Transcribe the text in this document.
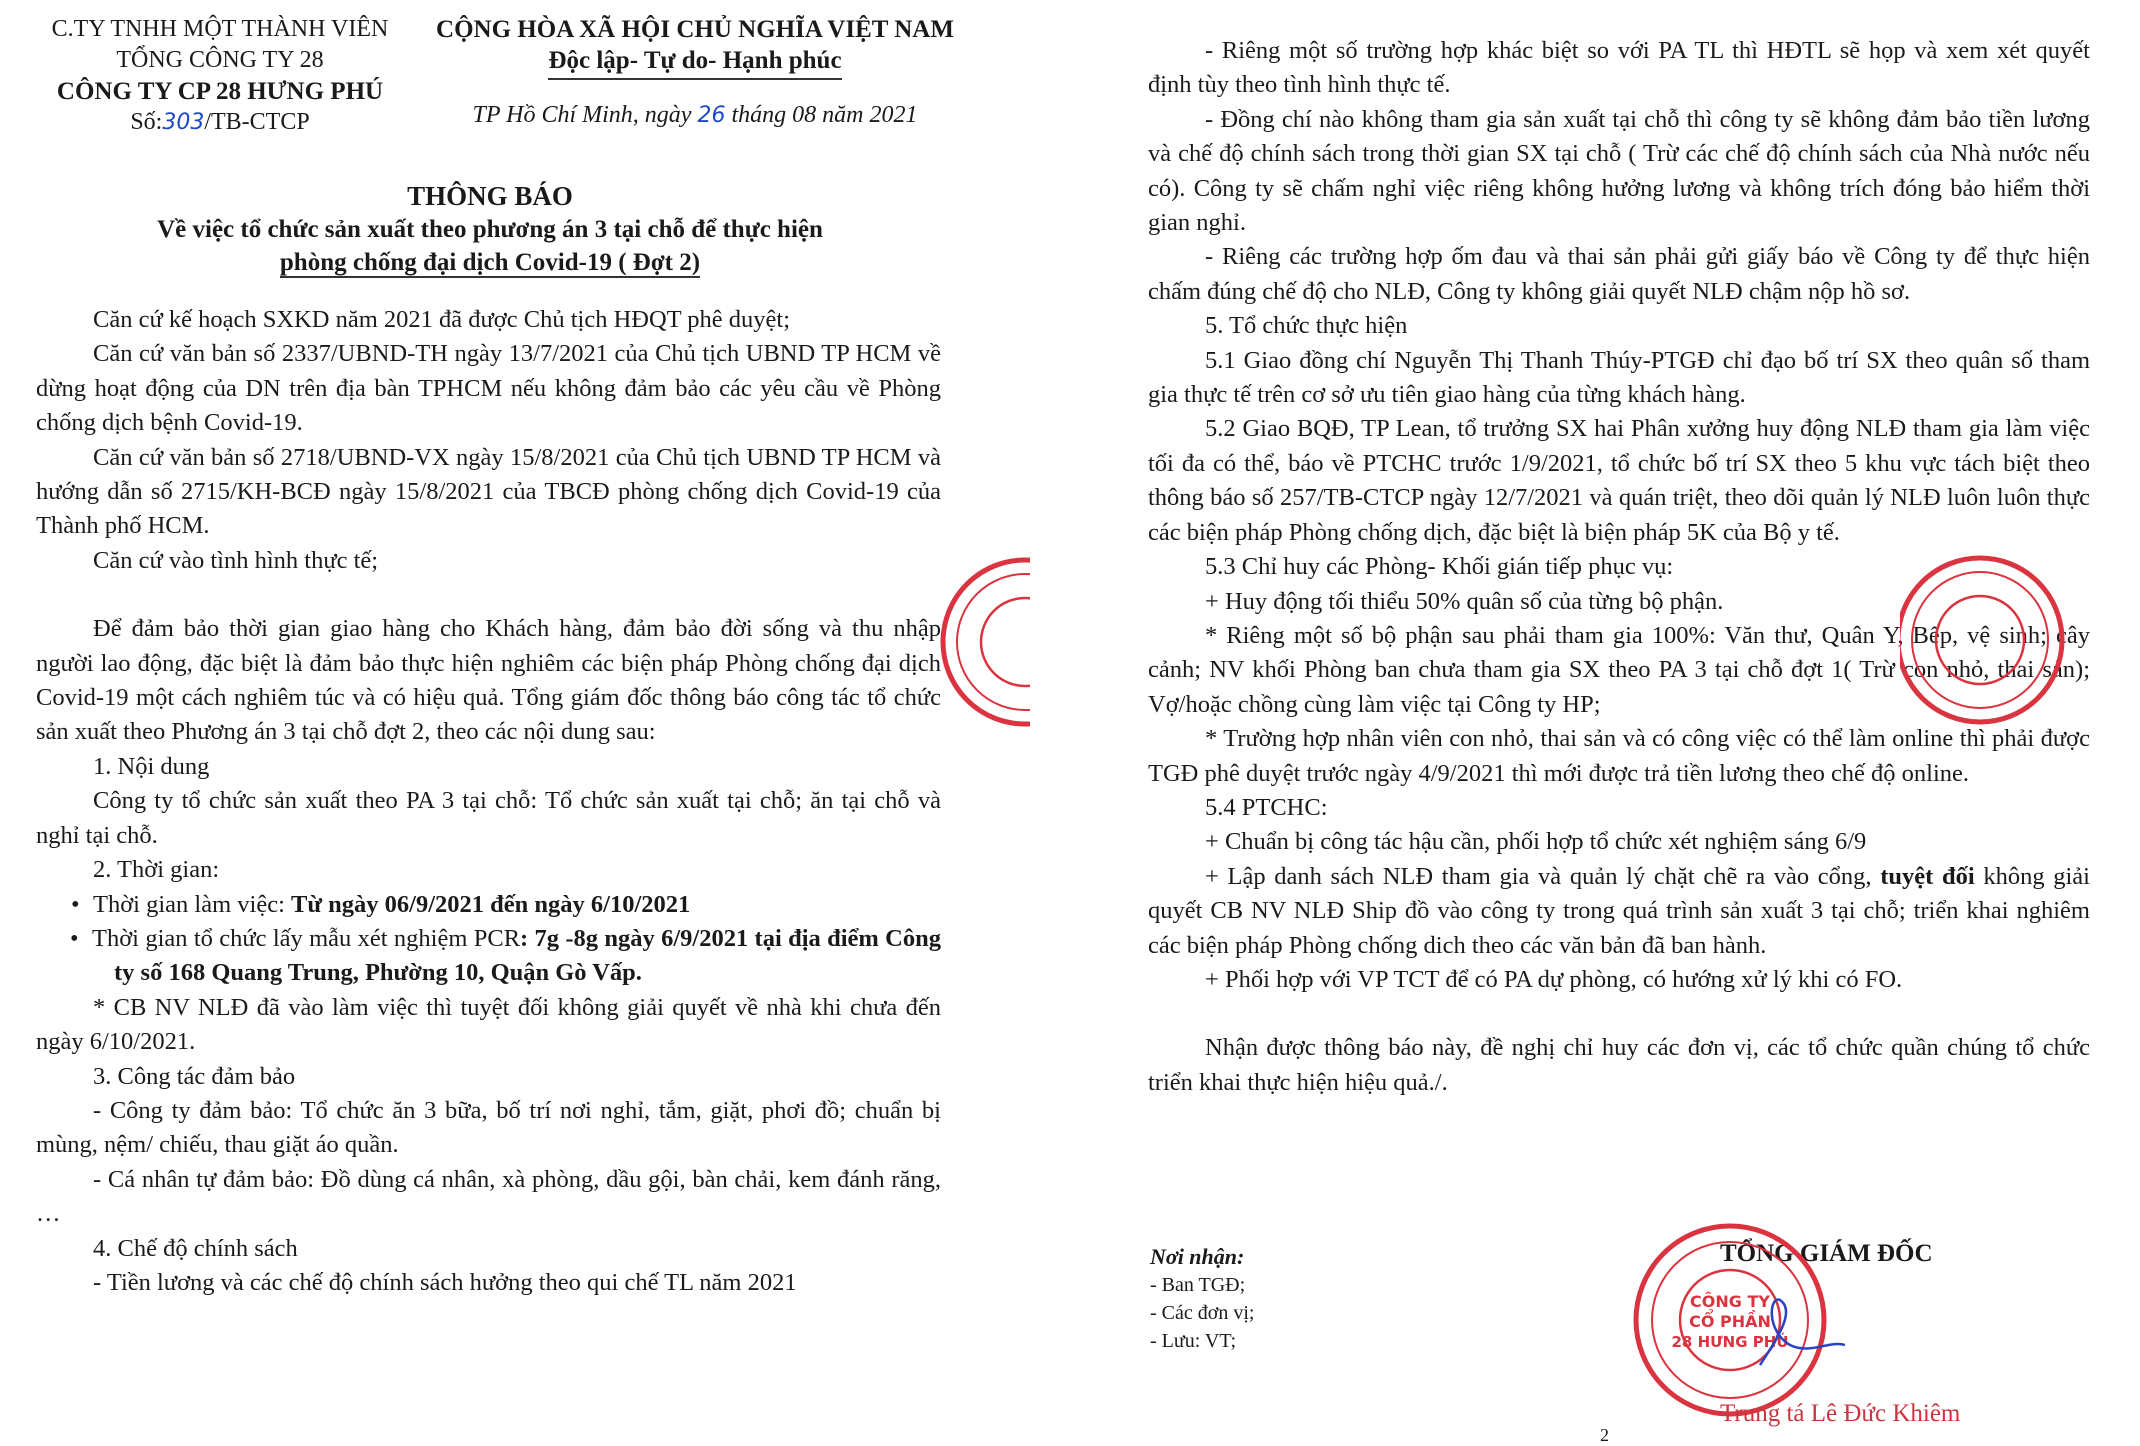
C.TY TNHH MỘT THÀNH VIÊN
TỔNG CÔNG TY 28
CÔNG TY CP 28 HƯNG PHÚ
Số:303/TB-CTCP
CỘNG HÒA XÃ HỘI CHỦ NGHĨA VIỆT NAM
Độc lập- Tự do- Hạnh phúc
TP Hồ Chí Minh, ngày 26 tháng 08 năm 2021
THÔNG BÁO
Về việc tổ chức sản xuất theo phương án 3 tại chỗ để thực hiện
phòng chống đại dịch Covid-19 ( Đợt 2)

Căn cứ kế hoạch SXKD năm 2021 đã được Chủ tịch HĐQT phê duyệt;

Căn cứ văn bản số 2337/UBND-TH ngày 13/7/2021 của Chủ tịch UBND TP HCM về dừng hoạt động của DN trên địa bàn TPHCM nếu không đảm bảo các yêu cầu về Phòng chống dịch bệnh Covid-19.

Căn cứ văn bản số 2718/UBND-VX ngày 15/8/2021 của Chủ tịch UBND TP HCM và hướng dẫn số 2715/KH-BCĐ ngày 15/8/2021 của TBCĐ phòng chống dịch Covid-19 của Thành phố HCM.

Căn cứ vào tình hình thực tế;

Để đảm bảo thời gian giao hàng cho Khách hàng, đảm bảo đời sống và thu nhập người lao động, đặc biệt là đảm bảo thực hiện nghiêm các biện pháp Phòng chống đại dịch Covid-19 một cách nghiêm túc và có hiệu quả. Tổng giám đốc thông báo công tác tổ chức sản xuất theo Phương án 3 tại chỗ đợt 2, theo các nội dung sau:

1. Nội dung

Công ty tổ chức sản xuất theo PA 3 tại chỗ: Tổ chức sản xuất tại chỗ; ăn tại chỗ và nghỉ tại chỗ.

2. Thời gian:

• Thời gian làm việc: Từ ngày 06/9/2021 đến ngày 6/10/2021

• Thời gian tổ chức lấy mẫu xét nghiệm PCR: 7g -8g ngày 6/9/2021 tại địa điểm Công ty số 168 Quang Trung, Phường 10, Quận Gò Vấp.

* CB NV NLĐ đã vào làm việc thì tuyệt đối không giải quyết về nhà khi chưa đến ngày 6/10/2021.

3. Công tác đảm bảo

- Công ty đảm bảo: Tổ chức ăn 3 bữa, bố trí nơi nghỉ, tắm, giặt, phơi đồ; chuẩn bị mùng, nệm/ chiếu, thau giặt áo quần.

- Cá nhân tự đảm bảo: Đồ dùng cá nhân, xà phòng, dầu gội, bàn chải, kem đánh răng, …

4. Chế độ chính sách

- Tiền lương và các chế độ chính sách hưởng theo qui chế TL năm 2021

- Riêng một số trường hợp khác biệt so với PA TL thì HĐTL sẽ họp và xem xét quyết định tùy theo tình hình thực tế.

- Đồng chí nào không tham gia sản xuất tại chỗ thì công ty sẽ không đảm bảo tiền lương và chế độ chính sách trong thời gian SX tại chỗ ( Trừ các chế độ chính sách của Nhà nước nếu có). Công ty sẽ chấm nghỉ việc riêng không hưởng lương và không trích đóng bảo hiểm thời gian nghỉ.

- Riêng các trường hợp ốm đau và thai sản phải gửi giấy báo về Công ty để thực hiện chấm đúng chế độ cho NLĐ, Công ty không giải quyết NLĐ chậm nộp hồ sơ.

5. Tổ chức thực hiện

5.1 Giao đồng chí Nguyễn Thị Thanh Thúy-PTGĐ chỉ đạo bố trí SX theo quân số tham gia thực tế trên cơ sở ưu tiên giao hàng của từng khách hàng.

5.2 Giao BQĐ, TP Lean, tổ trưởng SX hai Phân xưởng huy động NLĐ tham gia làm việc tối đa có thể, báo về PTCHC trước 1/9/2021, tổ chức bố trí SX theo 5 khu vực tách biệt theo thông báo số 257/TB-CTCP ngày 12/7/2021 và quán triệt, theo dõi quản lý NLĐ luôn luôn thực các biện pháp Phòng chống dịch, đặc biệt là biện pháp 5K của Bộ y tế.

5.3 Chỉ huy các Phòng- Khối gián tiếp phục vụ:

+ Huy động tối thiểu 50% quân số của từng bộ phận.

* Riêng một số bộ phận sau phải tham gia 100%: Văn thư, Quân Y, Bếp, vệ sinh; cây cảnh; NV khối Phòng ban chưa tham gia SX theo PA 3 tại chỗ đợt 1( Trừ con nhỏ, thai sản); Vợ/hoặc chồng cùng làm việc tại Công ty HP;

* Trường hợp nhân viên con nhỏ, thai sản và có công việc có thể làm online thì phải được TGĐ phê duyệt trước ngày 4/9/2021 thì mới được trả tiền lương theo chế độ online.

5.4 PTCHC:

+ Chuẩn bị công tác hậu cần, phối hợp tổ chức xét nghiệm sáng 6/9

+ Lập danh sách NLĐ tham gia và quản lý chặt chẽ ra vào cổng, tuyệt đối không giải quyết CB NV NLĐ Ship đồ vào công ty trong quá trình sản xuất 3 tại chỗ; triển khai nghiêm các biện pháp Phòng chống dich theo các văn bản đã ban hành.

+ Phối hợp với VP TCT để có PA dự phòng, có hướng xử lý khi có FO.

Nhận được thông báo này, đề nghị chỉ huy các đơn vị, các tổ chức quần chúng tổ chức triển khai thực hiện hiệu quả./.

Nơi nhận:
- Ban TGĐ;
- Các đơn vị;
- Lưu: VT;
TỔNG GIÁM ĐỐC
CÔNG TY
CỔ PHẦN
28 HƯNG PHÚ
Trung tá Lê Đức Khiêm
2
